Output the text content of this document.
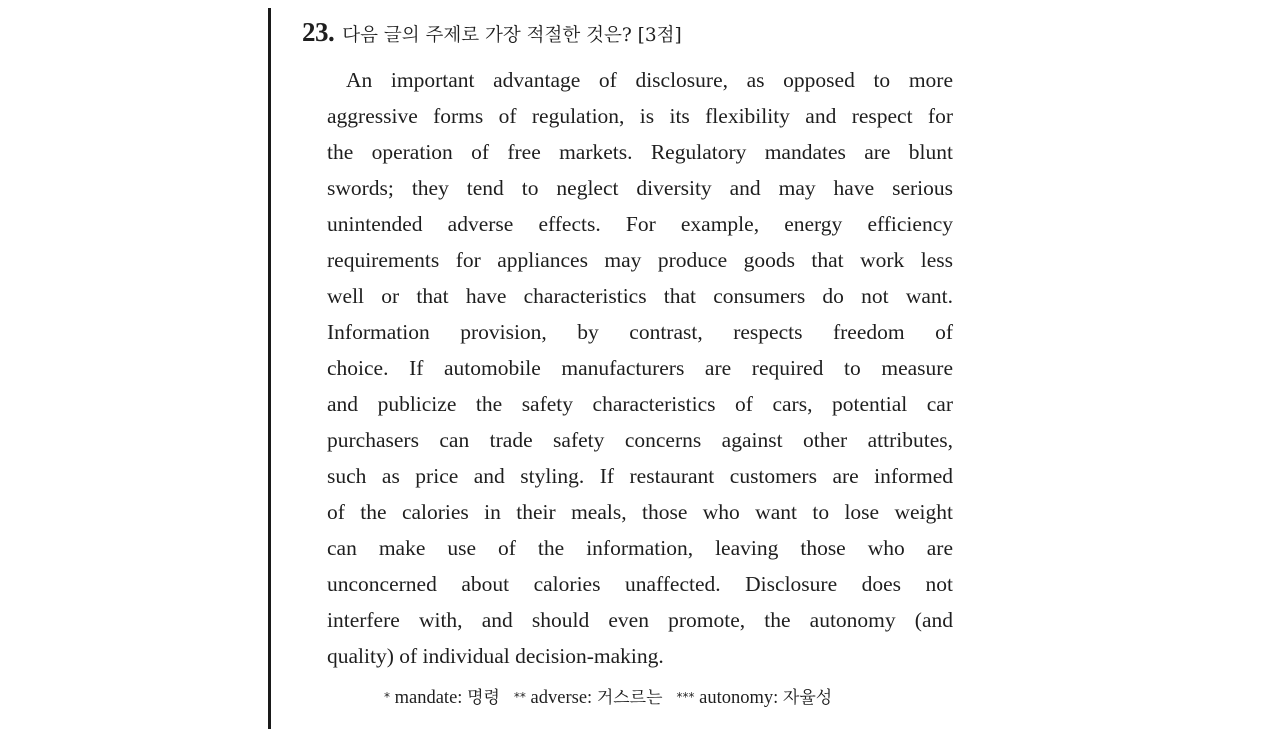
23. 다음 글의 주제로 가장 적절한 것은? [3점]
An important advantage of disclosure, as opposed to more
aggressive forms of regulation, is its flexibility and respect for
the operation of free markets. Regulatory mandates are blunt
swords; they tend to neglect diversity and may have serious
unintended adverse effects. For example, energy efficiency
requirements for appliances may produce goods that work less
well or that have characteristics that consumers do not want.
Information provision, by contrast, respects freedom of
choice. If automobile manufacturers are required to measure
and publicize the safety characteristics of cars, potential car
purchasers can trade safety concerns against other attributes,
such as price and styling. If restaurant customers are informed
of the calories in their meals, those who want to lose weight
can make use of the information, leaving those who are
unconcerned about calories unaffected. Disclosure does not
interfere with, and should even promote, the autonomy (and
quality) of individual decision-making.
* mandate: 명령 ** adverse: 거스르는 *** autonomy: 자율성
